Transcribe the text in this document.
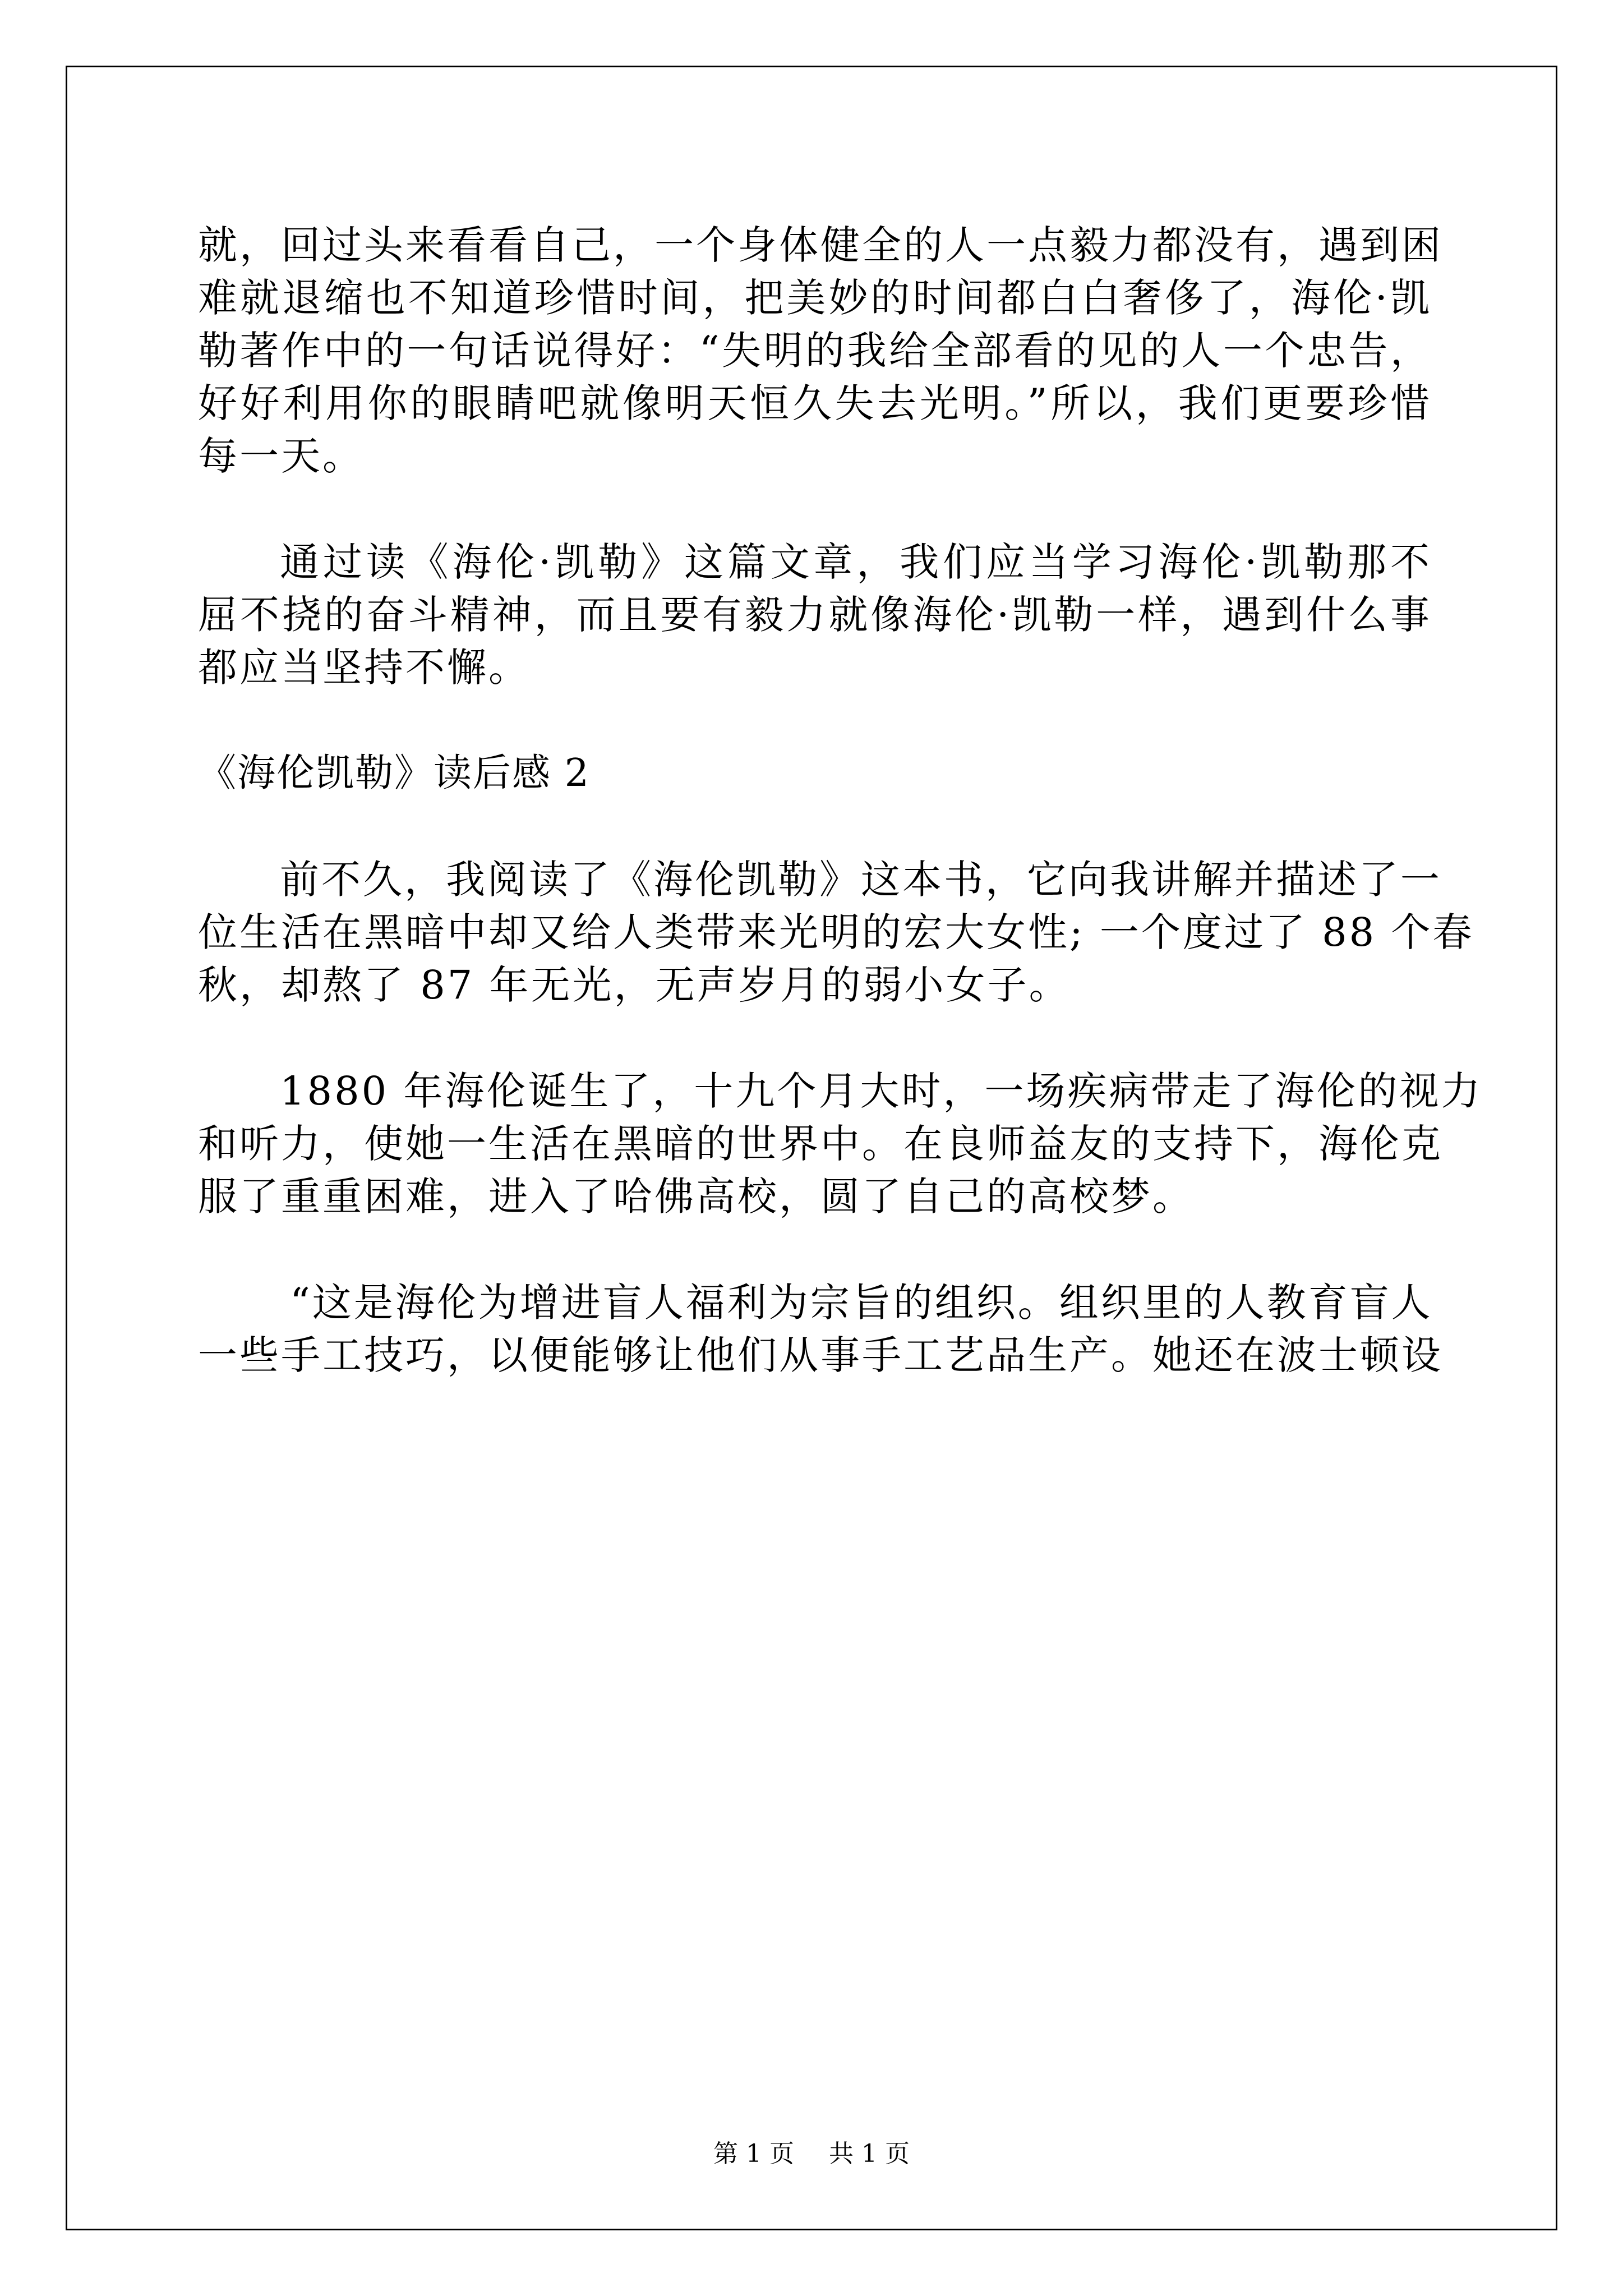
就，回过头来看看自己，一个身体健全的人一点毅力都没有，遇到困
难就退缩也不知道珍惜时间，把美妙的时间都白白奢侈了，海伦·凯
勒著作中的一句话说得好：“失明的我给全部看的见的人一个忠告，
好好利用你的眼睛吧就像明天恒久失去光明。”所以，我们更要珍惜
每一天。
通过读《海伦·凯勒》这篇文章，我们应当学习海伦·凯勒那不
屈不挠的奋斗精神，而且要有毅力就像海伦·凯勒一样，遇到什么事
都应当坚持不懈。
《海伦凯勒》读后感 2
前不久，我阅读了《海伦凯勒》这本书，它向我讲解并描述了一
位生活在黑暗中却又给人类带来光明的宏大女性; 一个度过了 88 个春
秋，却熬了 87 年无光，无声岁月的弱小女子。
1880 年海伦诞生了，十九个月大时，一场疾病带走了海伦的视力
和听力，使她一生活在黑暗的世界中。在良师益友的支持下，海伦克
服了重重困难，进入了哈佛高校，圆了自己的高校梦。
“这是海伦为增进盲人福利为宗旨的组织。组织里的人教育盲人
一些手工技巧，以便能够让他们从事手工艺品生产。她还在波士顿设
第 1 页 共 1 页
